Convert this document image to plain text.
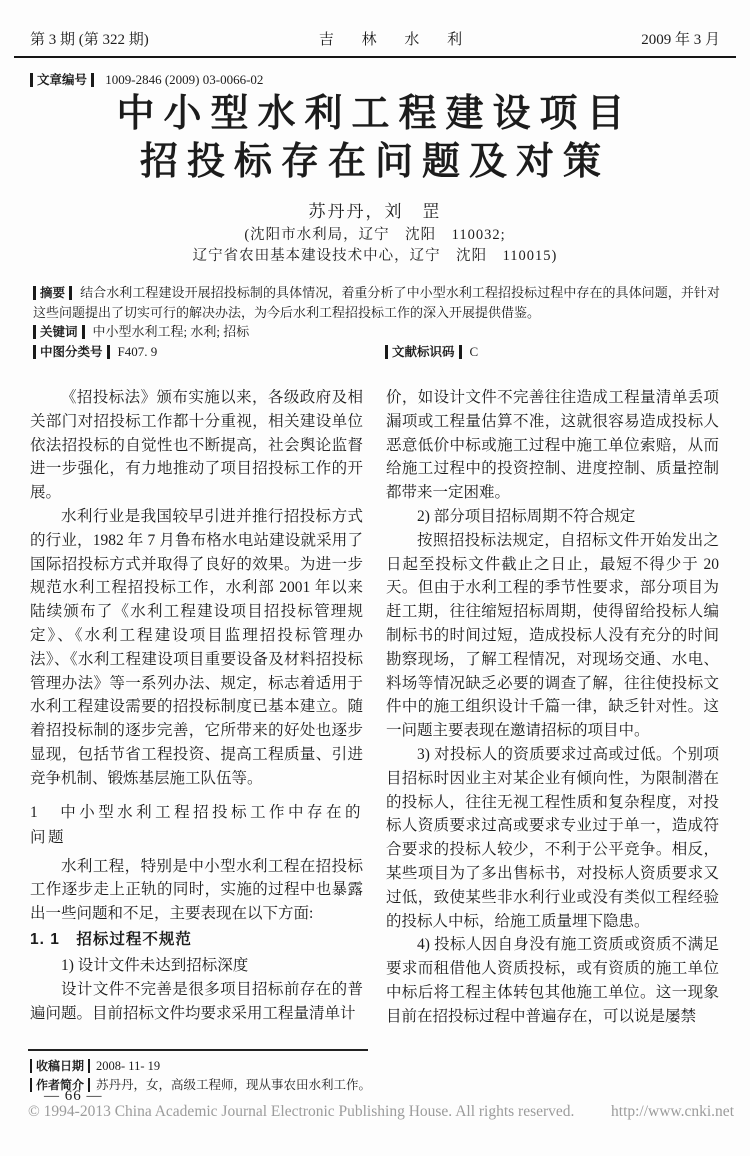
第 3 期 (第 322 期)	吉 林 水 利	2009 年 3 月
文章编号 1009-2846 (2009) 03-0066-02
中小型水利工程建设项目
招投标存在问题及对策
苏丹丹，刘　罡
(沈阳市水利局，辽宁　沈阳　110032;
辽宁省农田基本建设技术中心，辽宁　沈阳　110015)

摘要 结合水利工程建设开展招投标制的具体情况，着重分析了中小型水利工程招投标过程中存在的具体问题，并针对这些问题提出了切实可行的解决办法，为今后水利工程招投标工作的深入开展提供借鉴。

关键词 中小型水利工程; 水利; 招标

中图分类号 F407. 9	文献标识码 C

《招投标法》颁布实施以来，各级政府及相关部门对招投标工作都十分重视，相关建设单位依法招投标的自觉性也不断提高，社会舆论监督进一步强化，有力地推动了项目招投标工作的开展。

水利行业是我国较早引进并推行招投标方式的行业，1982 年 7 月鲁布格水电站建设就采用了国际招投标方式并取得了良好的效果。为进一步规范水利工程招投标工作，水利部 2001 年以来陆续颁布了《水利工程建设项目招投标管理规定》、《水利工程建设项目监理招投标管理办法》、《水利工程建设项目重要设备及材料招投标管理办法》等一系列办法、规定，标志着适用于水利工程建设需要的招投标制度已基本建立。随着招投标制的逐步完善，它所带来的好处也逐步显现，包括节省工程投资、提高工程质量、引进竞争机制、锻炼基层施工队伍等。

1　中小型水利工程招投标工作中存在的问题

水利工程，特别是中小型水利工程在招投标工作逐步走上正轨的同时，实施的过程中也暴露出一些问题和不足，主要表现在以下方面:

1. 1　招标过程不规范

1) 设计文件未达到招标深度

设计文件不完善是很多项目招标前存在的普遍问题。目前招标文件均要求采用工程量清单计

价，如设计文件不完善往往造成工程量清单丢项漏项或工程量估算不准，这就很容易造成投标人恶意低价中标或施工过程中施工单位索赔，从而给施工过程中的投资控制、进度控制、质量控制都带来一定困难。

2) 部分项目招标周期不符合规定

按照招投标法规定，自招标文件开始发出之日起至投标文件截止之日止，最短不得少于 20 天。但由于水利工程的季节性要求，部分项目为赶工期，往往缩短招标周期，使得留给投标人编制标书的时间过短，造成投标人没有充分的时间勘察现场，了解工程情况，对现场交通、水电、料场等情况缺乏必要的调查了解，往往使投标文件中的施工组织设计千篇一律，缺乏针对性。这一问题主要表现在邀请招标的项目中。

3) 对投标人的资质要求过高或过低。个别项目招标时因业主对某企业有倾向性，为限制潜在的投标人，往往无视工程性质和复杂程度，对投标人资质要求过高或要求专业过于单一，造成符合要求的投标人较少，不利于公平竞争。相反，某些项目为了多出售标书，对投标人资质要求又过低，致使某些非水利行业或没有类似工程经验的投标人中标，给施工质量埋下隐患。

4) 投标人因自身没有施工资质或资质不满足要求而租借他人资质投标，或有资质的施工单位中标后将工程主体转包其他施工单位。这一现象目前在招投标过程中普遍存在，可以说是屡禁

收稿日期 2008- 11- 19

作者简介 苏丹丹，女，高级工程师，现从事农田水利工作。

— 66 —
© 1994-2013 China Academic Journal Electronic Publishing House. All rights reserved. http://www.cnki.net
